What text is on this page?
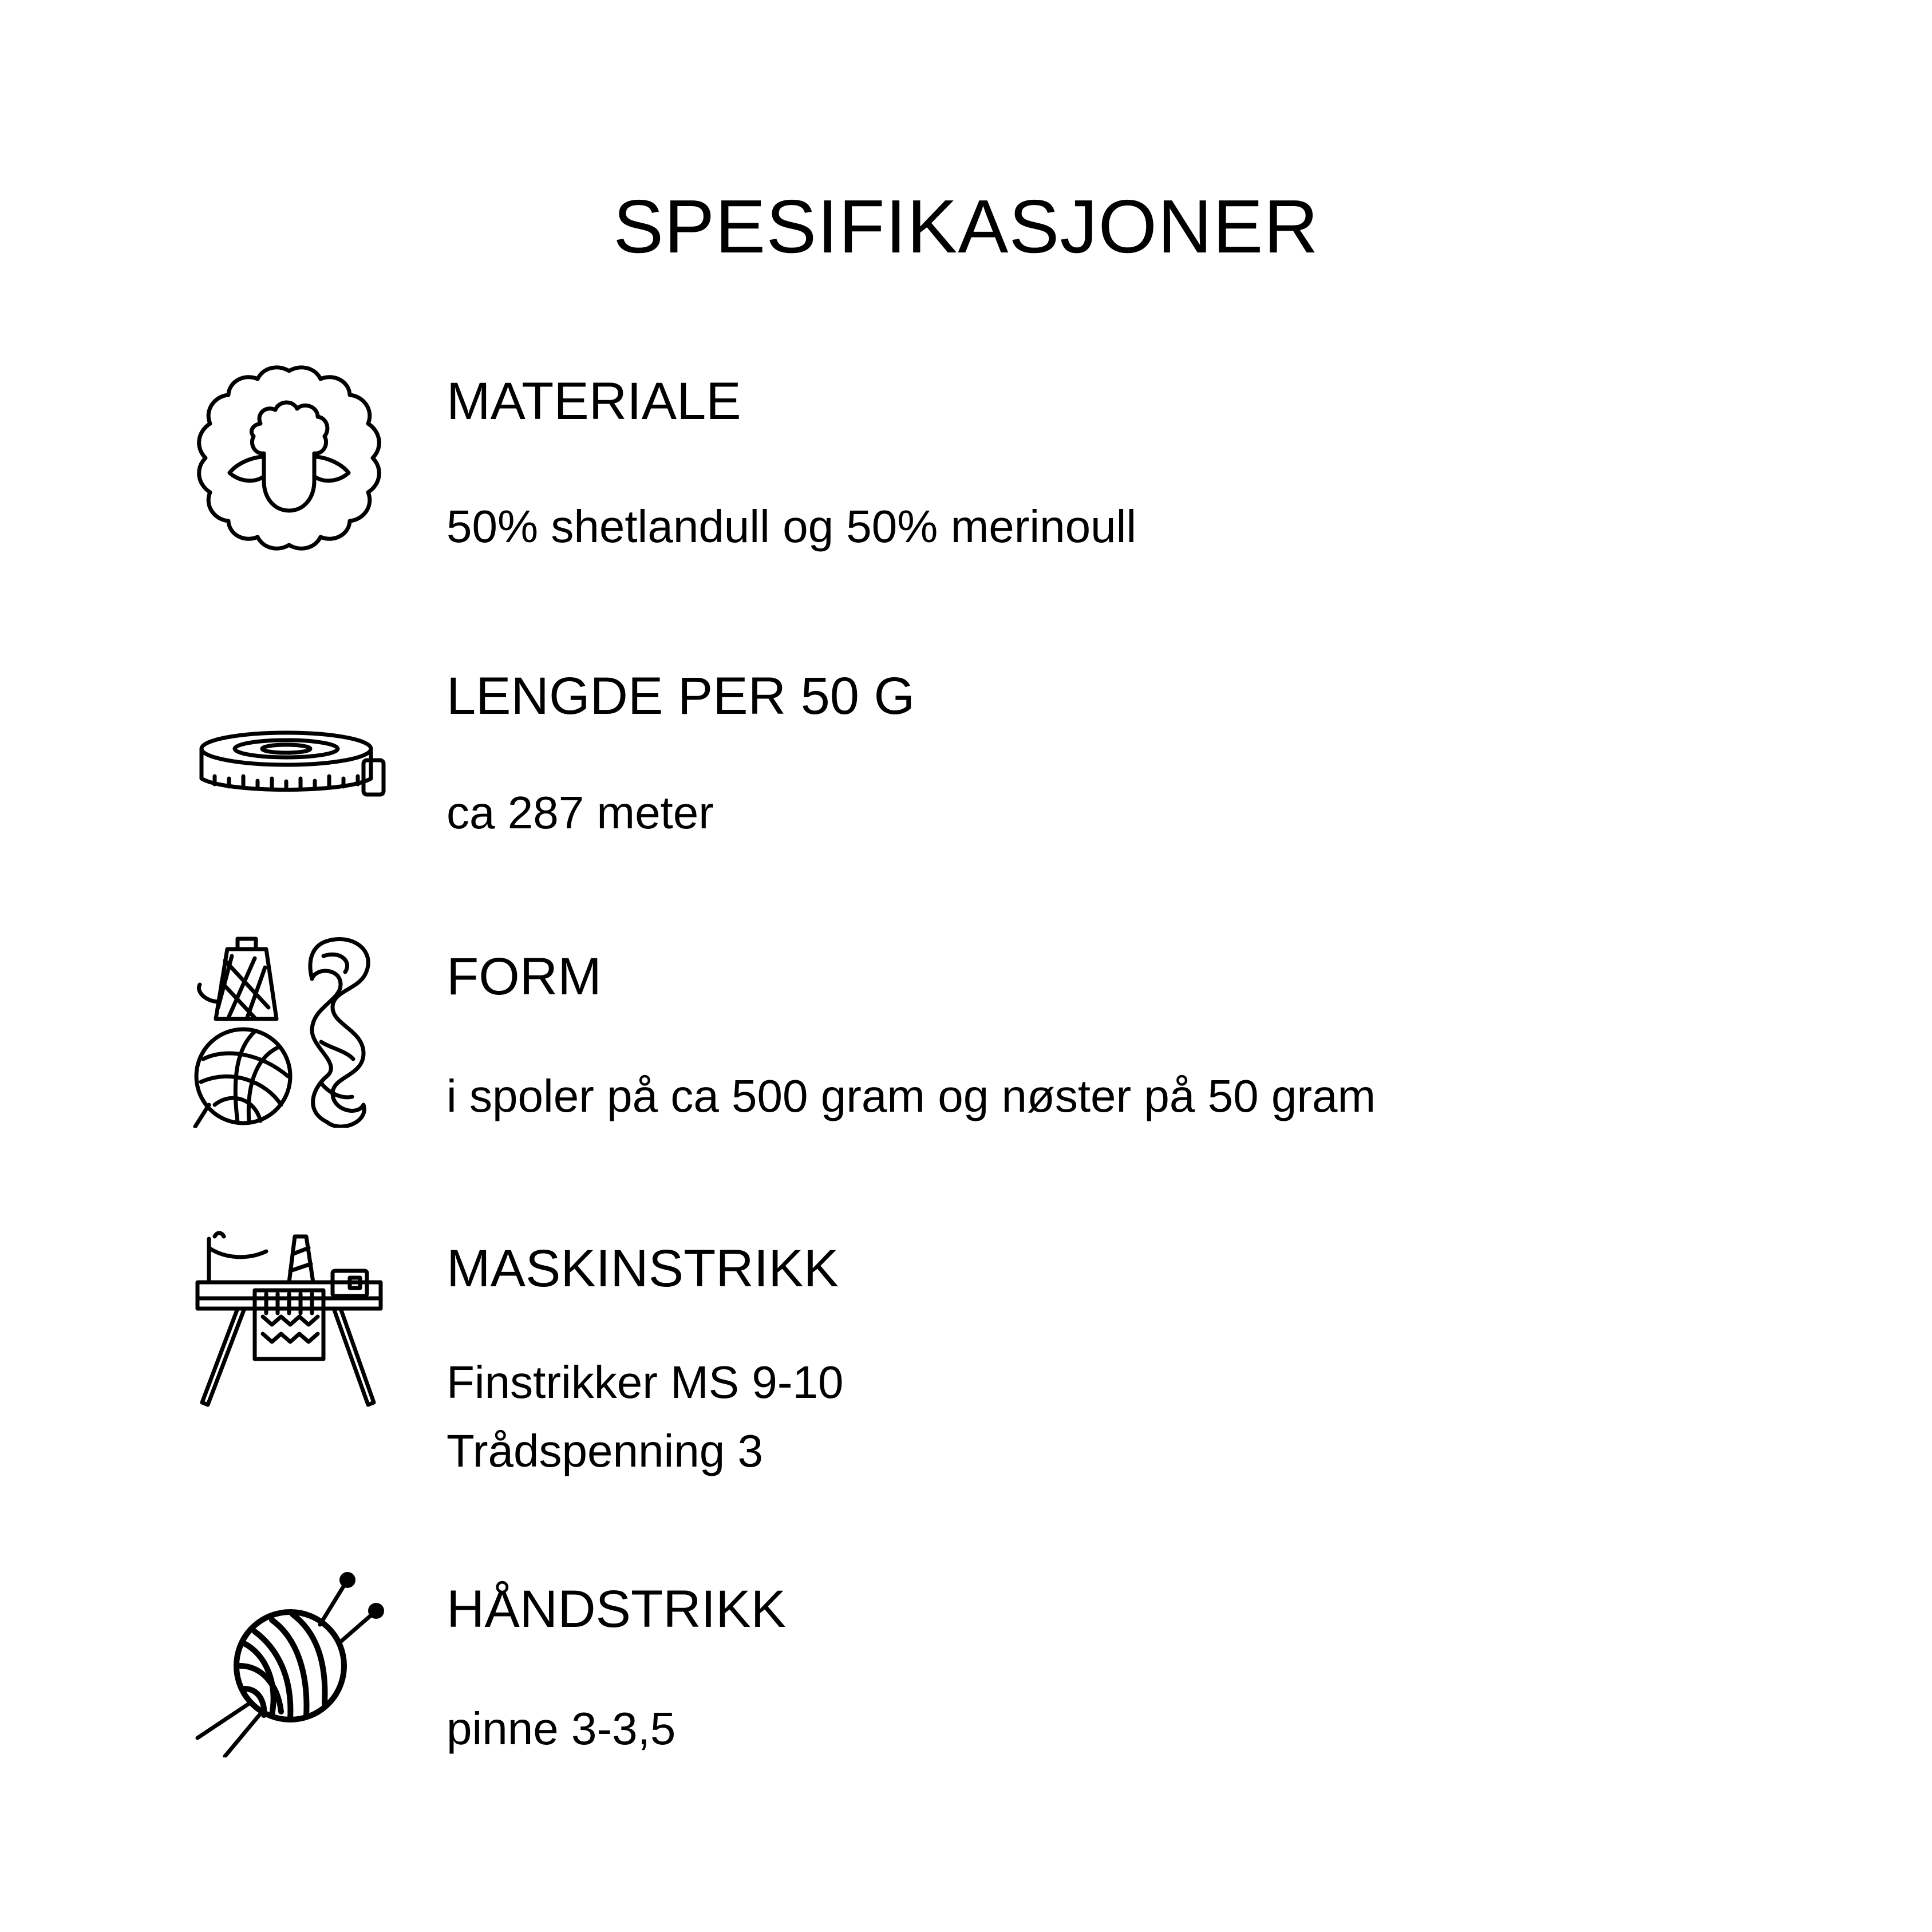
SPESIFIKASJONER
MATERIALE
50% shetlandull og 50% merinoull
LENGDE PER 50 G
ca 287 meter
FORM
i spoler på ca 500 gram og nøster på 50 gram
MASKINSTRIKK
Finstrikker MS 9-10
Trådspenning 3
HÅNDSTRIKK
pinne 3-3,5
